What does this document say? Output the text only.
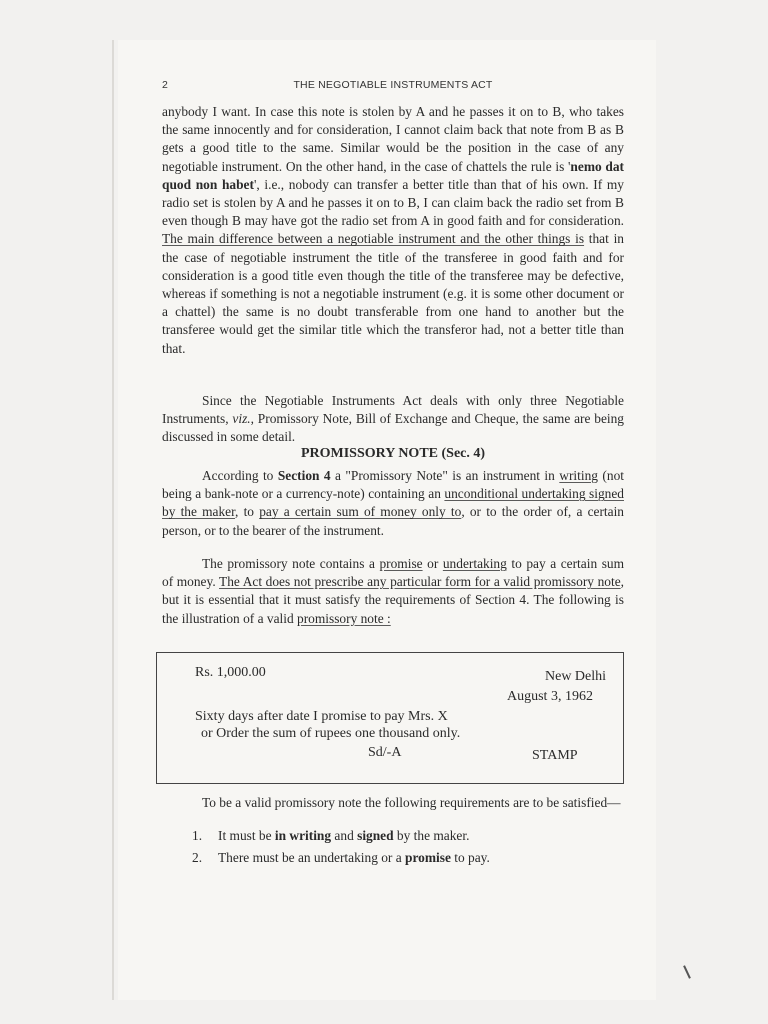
2	THE NEGOTIABLE INSTRUMENTS ACT

anybody I want. In case this note is stolen by A and he passes it on to B, who takes the same innocently and for consideration, I cannot claim back that note from B as B gets a good title to the same. Similar would be the position in the case of any negotiable instrument. On the other hand, in the case of chattels the rule is 'nemo dat quod non habet', i.e., nobody can transfer a better title than that of his own. If my radio set is stolen by A and he passes it on to B, I can claim back the radio set from B even though B may have got the radio set from A in good faith and for consideration. The main difference between a negotiable instrument and the other things is that in the case of negotiable instrument the title of the transferee in good faith and for consideration is a good title even though the title of the transferee may be defective, whereas if something is not a negotiable instrument (e.g. it is some other document or a chattel) the same is no doubt transferable from one hand to another but the transferee would get the similar title which the transferor had, not a better title than that.

Since the Negotiable Instruments Act deals with only three Negotiable Instruments, viz., Promissory Note, Bill of Exchange and Cheque, the same are being discussed in some detail.

PROMISSORY NOTE (Sec. 4)

According to Section 4 a "Promissory Note" is an instrument in writing (not being a bank-note or a currency-note) containing an unconditional undertaking signed by the maker, to pay a certain sum of money only to, or to the order of, a certain person, or to the bearer of the instrument.

The promissory note contains a promise or undertaking to pay a certain sum of money. The Act does not prescribe any particular form for a valid promissory note, but it is essential that it must satisfy the requirements of Section 4. The following is the illustration of a valid promissory note :

Rs. 1,000.00	New Delhi
August 3, 1962
Sixty days after date I promise to pay Mrs. X
or Order the sum of rupees one thousand only.
Sd/-A	STAMP

To be a valid promissory note the following requirements are to be satisfied—

1. It must be in writing and signed by the maker.
2. There must be an undertaking or a promise to pay.
